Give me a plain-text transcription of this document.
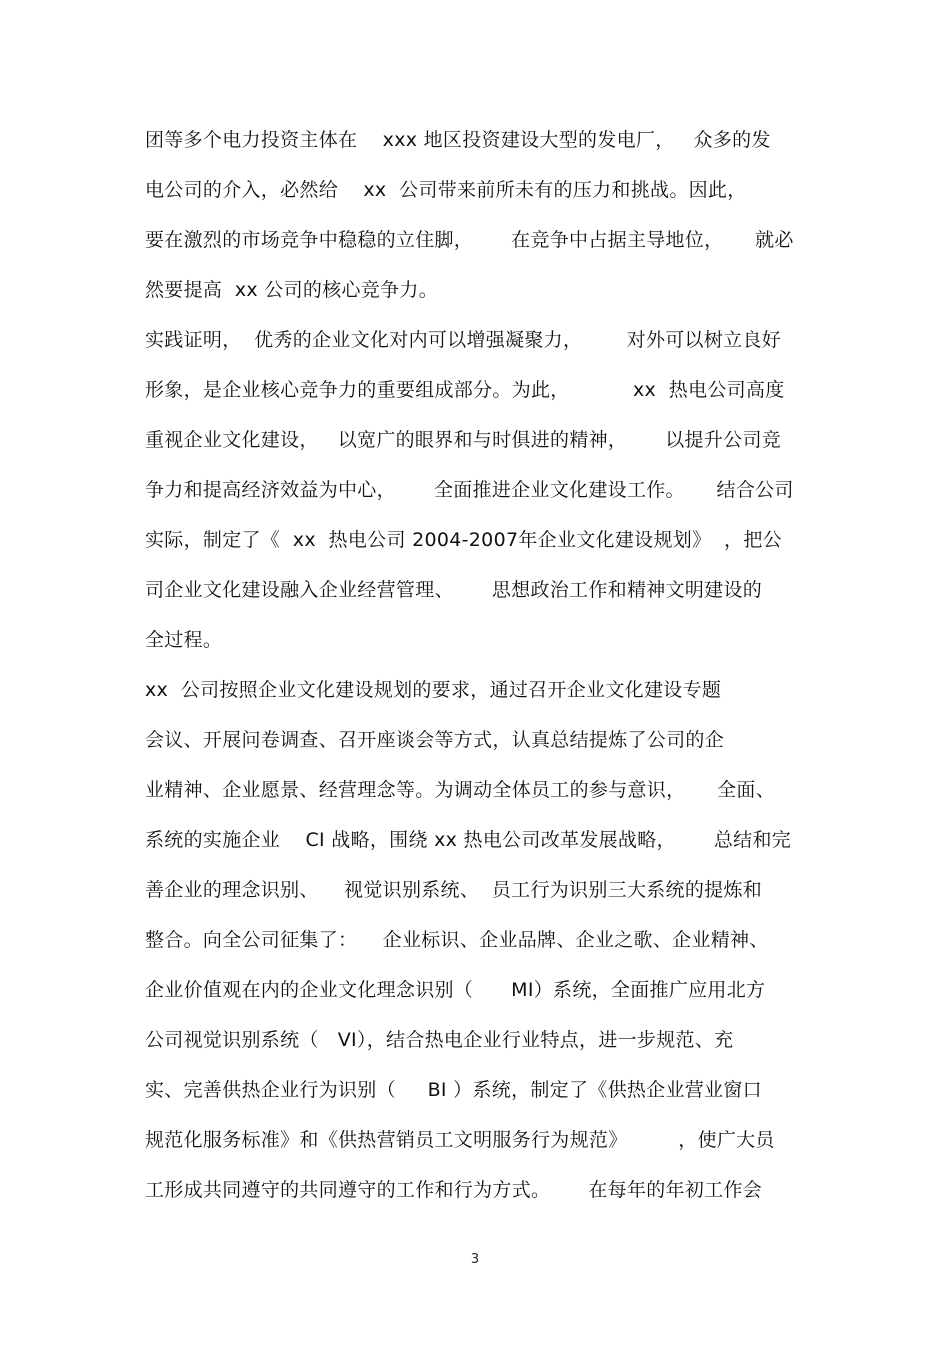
团等多个电力投资主体在    xxx 地区投资建设大型的发电厂，   众多的发
电公司的介入，必然给    xx  公司带来前所未有的压力和挑战。因此，
要在激烈的市场竞争中稳稳的立住脚，      在竞争中占据主导地位，     就必
然要提高  xx 公司的核心竞争力。
实践证明，  优秀的企业文化对内可以增强凝聚力，       对外可以树立良好
形象，是企业核心竞争力的重要组成部分。为此，          xx  热电公司高度
重视企业文化建设，   以宽广的眼界和与时俱进的精神，      以提升公司竞
争力和提高经济效益为中心，      全面推进企业文化建设工作。     结合公司
实际，制定了《  xx  热电公司 2004-2007年企业文化建设规划》  ，把公
司企业文化建设融入企业经营管理、      思想政治工作和精神文明建设的
全过程。
xx  公司按照企业文化建设规划的要求，通过召开企业文化建设专题
会议、开展问卷调查、召开座谈会等方式，认真总结提炼了公司的企
业精神、企业愿景、经营理念等。为调动全体员工的参与意识，     全面、
系统的实施企业    CI 战略，围绕 xx 热电公司改革发展战略，      总结和完
善企业的理念识别、    视觉识别系统、  员工行为识别三大系统的提炼和
整合。向全公司征集了：    企业标识、企业品牌、企业之歌、企业精神、
企业价值观在内的企业文化理念识别（      MI）系统，全面推广应用北方
公司视觉识别系统（   VI），结合热电企业行业特点，进一步规范、充
实、完善供热企业行为识别（     BI ）系统，制定了《供热企业营业窗口
规范化服务标准》和《供热营销员工文明服务行为规范》        ，使广大员
工形成共同遵守的共同遵守的工作和行为方式。      在每年的年初工作会
3
